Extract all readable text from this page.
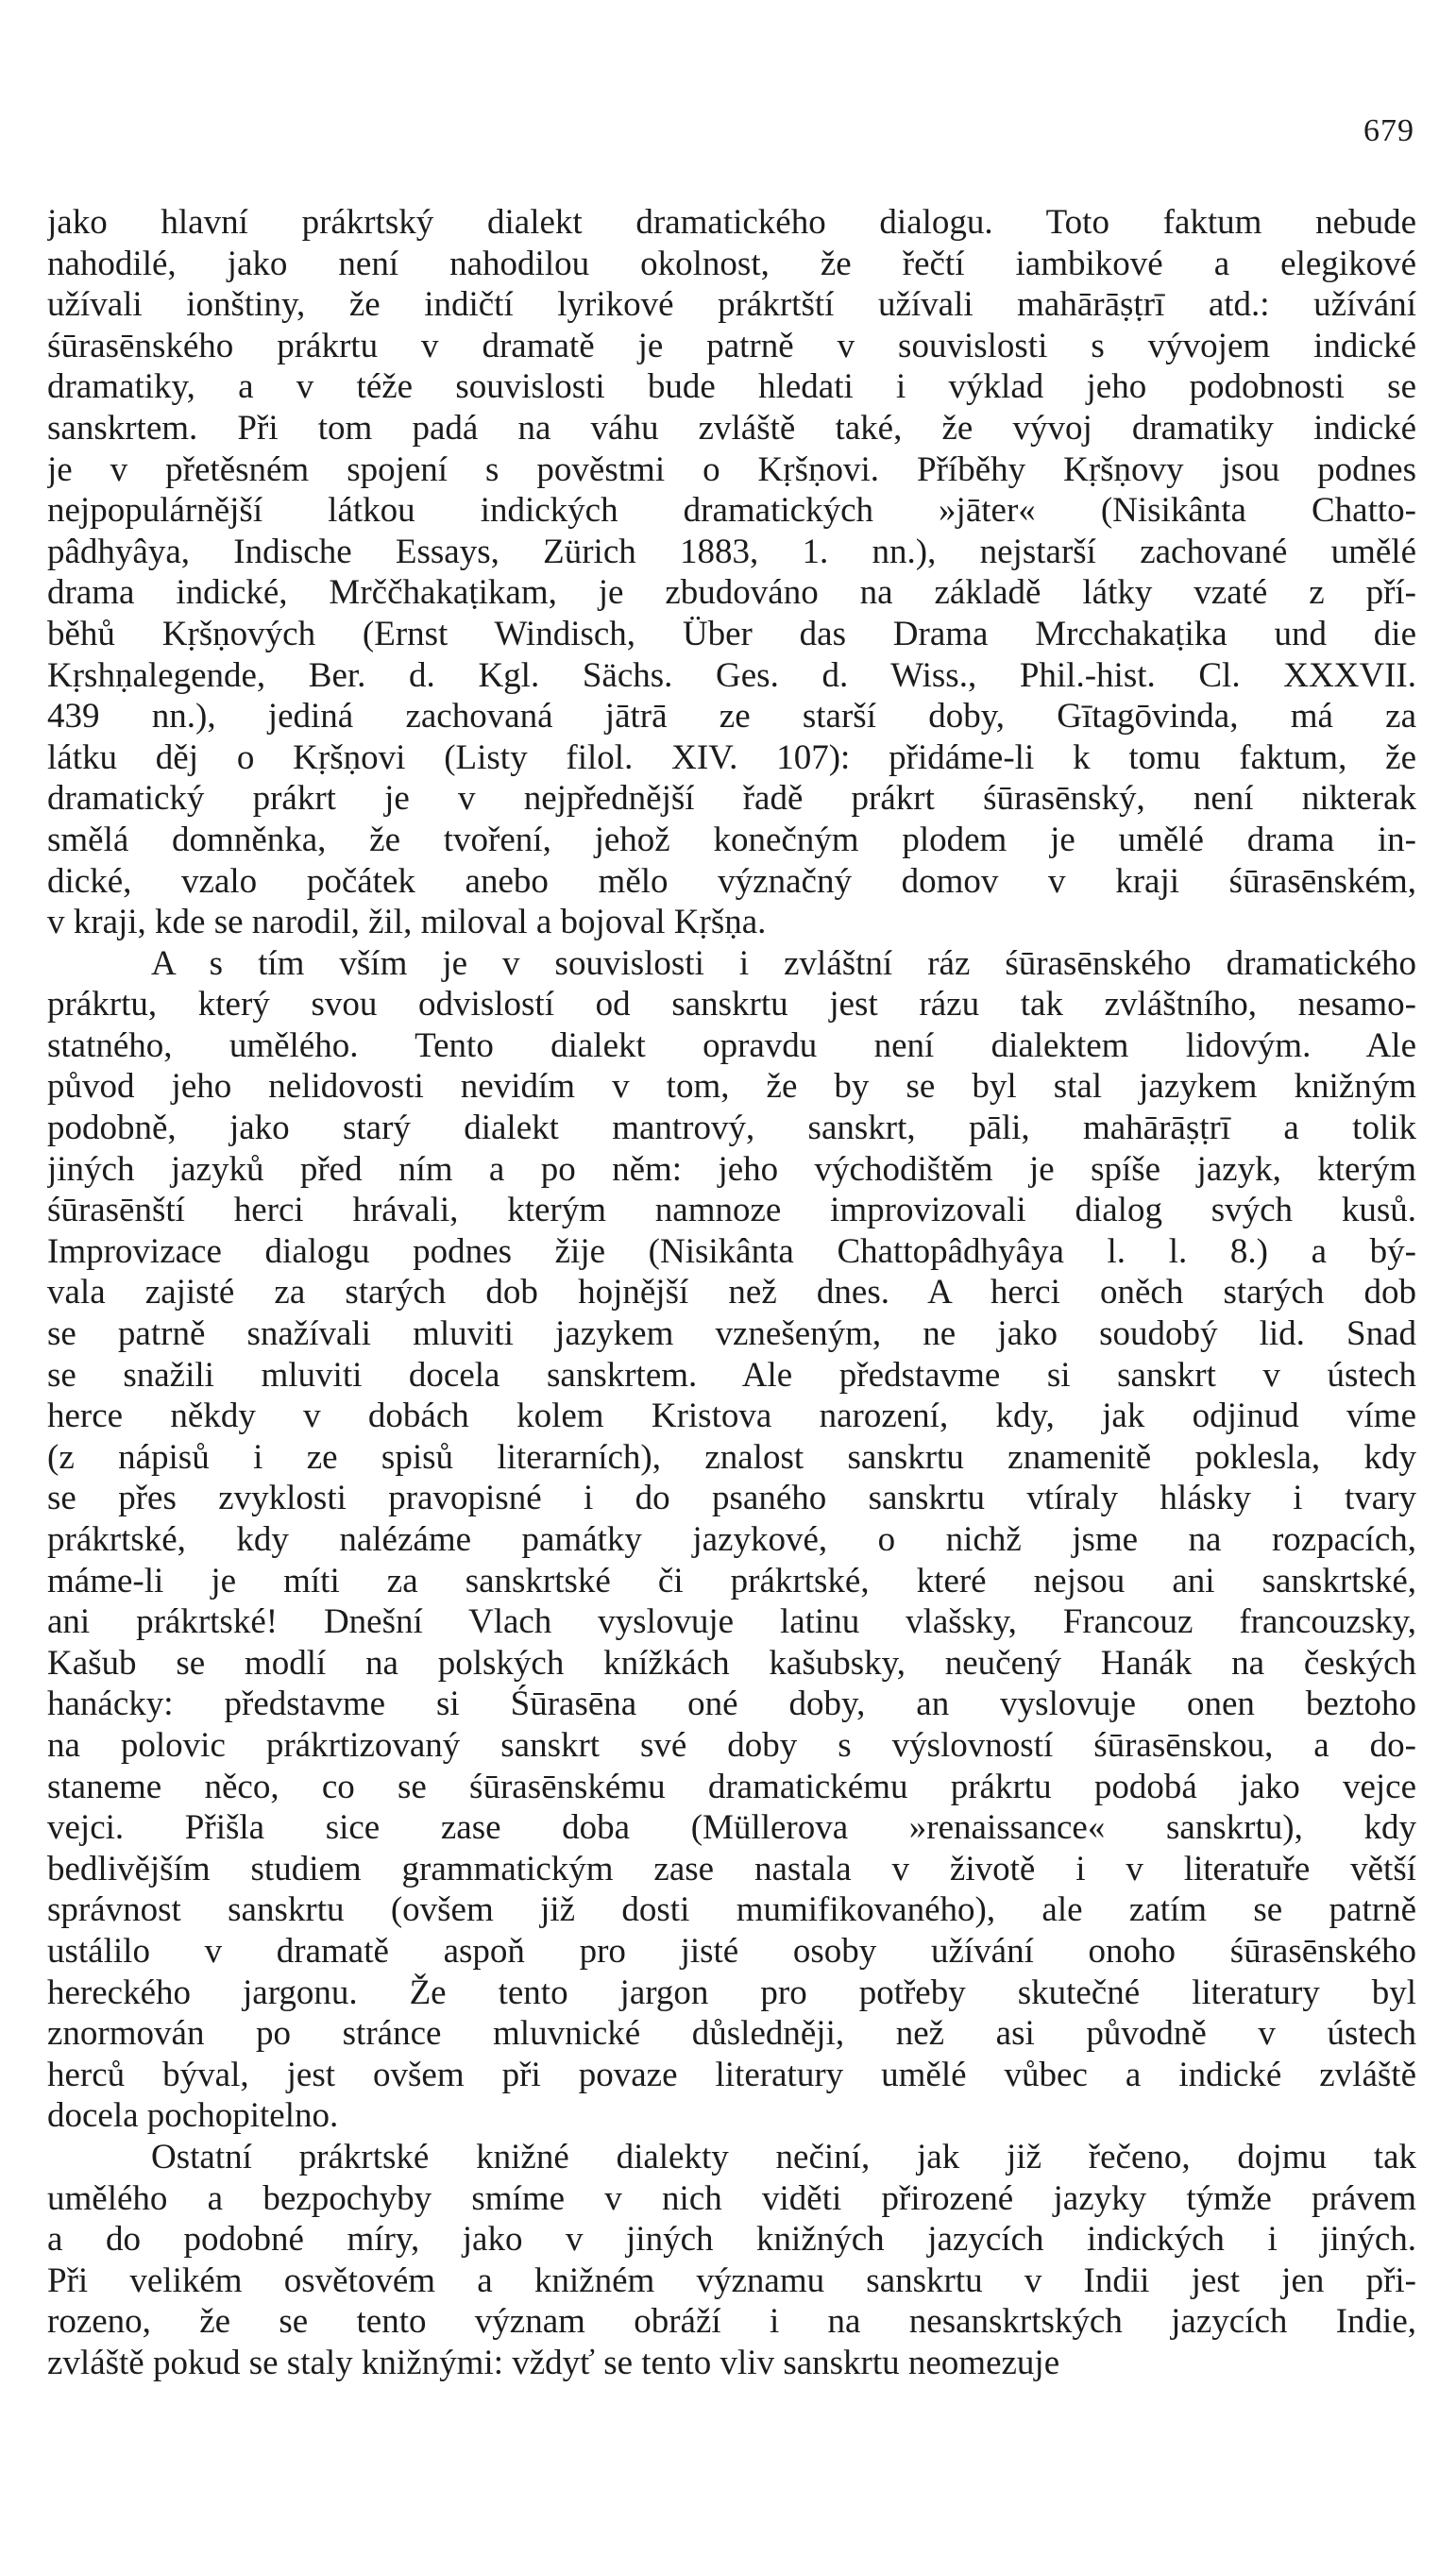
679
jako hlavní prákrtský dialekt dramatického dialogu. Toto faktum nebude
nahodilé, jako není nahodilou okolnost, že řečtí iambikové a elegikové
užívali ionštiny, že indičtí lyrikové prákrtští užívali mahārāṣṭrī atd.: užívání
śūrasēnského prákrtu v dramatě je patrně v souvislosti s vývojem indické
dramatiky, a v téže souvislosti bude hledati i výklad jeho podobnosti se
sanskrtem. Při tom padá na váhu zvláště také, že vývoj dramatiky indické
je v přetěsném spojení s pověstmi o Kṛšṇovi. Příběhy Kṛšṇovy jsou podnes
nejpopulárnější látkou indických dramatických »jāter« (Nisikânta Chatto-
pâdhyâya, Indische Essays, Zürich 1883, 1. nn.), nejstarší zachované umělé
drama indické, Mrččhakaṭikam, je zbudováno na základě látky vzaté z pří-
běhů Kṛšṇových (Ernst Windisch, Über das Drama Mrcchakaṭika und die
Kṛshṇalegende, Ber. d. Kgl. Sächs. Ges. d. Wiss., Phil.-hist. Cl. XXXVII.
439 nn.), jediná zachovaná jātrā ze starší doby, Gītagōvinda, má za
látku děj o Kṛšṇovi (Listy filol. XIV. 107): přidáme-li k tomu faktum, že
dramatický prákrt je v nejpřednější řadě prákrt śūrasēnský, není nikterak
smělá domněnka, že tvoření, jehož konečným plodem je umělé drama in-
dické, vzalo počátek anebo mělo význačný domov v kraji śūrasēnském,
v kraji, kde se narodil, žil, miloval a bojoval Kṛšṇa.
A s tím vším je v souvislosti i zvláštní ráz śūrasēnského dramatického
prákrtu, který svou odvislostí od sanskrtu jest rázu tak zvláštního, nesamo-
statného, umělého. Tento dialekt opravdu není dialektem lidovým. Ale
původ jeho nelidovosti nevidím v tom, že by se byl stal jazykem knižným
podobně, jako starý dialekt mantrový, sanskrt, pāli, mahārāṣṭrī a tolik
jiných jazyků před ním a po něm: jeho východištěm je spíše jazyk, kterým
śūrasēnští herci hrávali, kterým namnoze improvizovali dialog svých kusů.
Improvizace dialogu podnes žije (Nisikânta Chattopâdhyâya l. l. 8.) a bý-
vala zajisté za starých dob hojnější než dnes. A herci oněch starých dob
se patrně snažívali mluviti jazykem vznešeným, ne jako soudobý lid. Snad
se snažili mluviti docela sanskrtem. Ale představme si sanskrt v ústech
herce někdy v dobách kolem Kristova narození, kdy, jak odjinud víme
(z nápisů i ze spisů literarních), znalost sanskrtu znamenitě poklesla, kdy
se přes zvyklosti pravopisné i do psaného sanskrtu vtíraly hlásky i tvary
prákrtské, kdy nalézáme památky jazykové, o nichž jsme na rozpacích,
máme-li je míti za sanskrtské či prákrtské, které nejsou ani sanskrtské,
ani prákrtské! Dnešní Vlach vyslovuje latinu vlašsky, Francouz francouzsky,
Kašub se modlí na polských knížkách kašubsky, neučený Hanák na českých
hanácky: představme si Śūrasēna oné doby, an vyslovuje onen beztoho
na polovic prákrtizovaný sanskrt své doby s výslovností śūrasēnskou, a do-
staneme něco, co se śūrasēnskému dramatickému prákrtu podobá jako vejce
vejci. Přišla sice zase doba (Müllerova »renaissance« sanskrtu), kdy
bedlivějším studiem grammatickým zase nastala v životě i v literatuře větší
správnost sanskrtu (ovšem již dosti mumifikovaného), ale zatím se patrně
ustálilo v dramatě aspoň pro jisté osoby užívání onoho śūrasēnského
hereckého jargonu. Že tento jargon pro potřeby skutečné literatury byl
znormován po stránce mluvnické důsledněji, než asi původně v ústech
herců býval, jest ovšem při povaze literatury umělé vůbec a indické zvláště
docela pochopitelno.
Ostatní prákrtské knižné dialekty nečiní, jak již řečeno, dojmu tak
umělého a bezpochyby smíme v nich viděti přirozené jazyky týmže právem
a do podobné míry, jako v jiných knižných jazycích indických i jiných.
Při velikém osvětovém a knižném významu sanskrtu v Indii jest jen při-
rozeno, že se tento význam obráží i na nesanskrtských jazycích Indie,
zvláště pokud se staly knižnými: vždyť se tento vliv sanskrtu neomezuje
